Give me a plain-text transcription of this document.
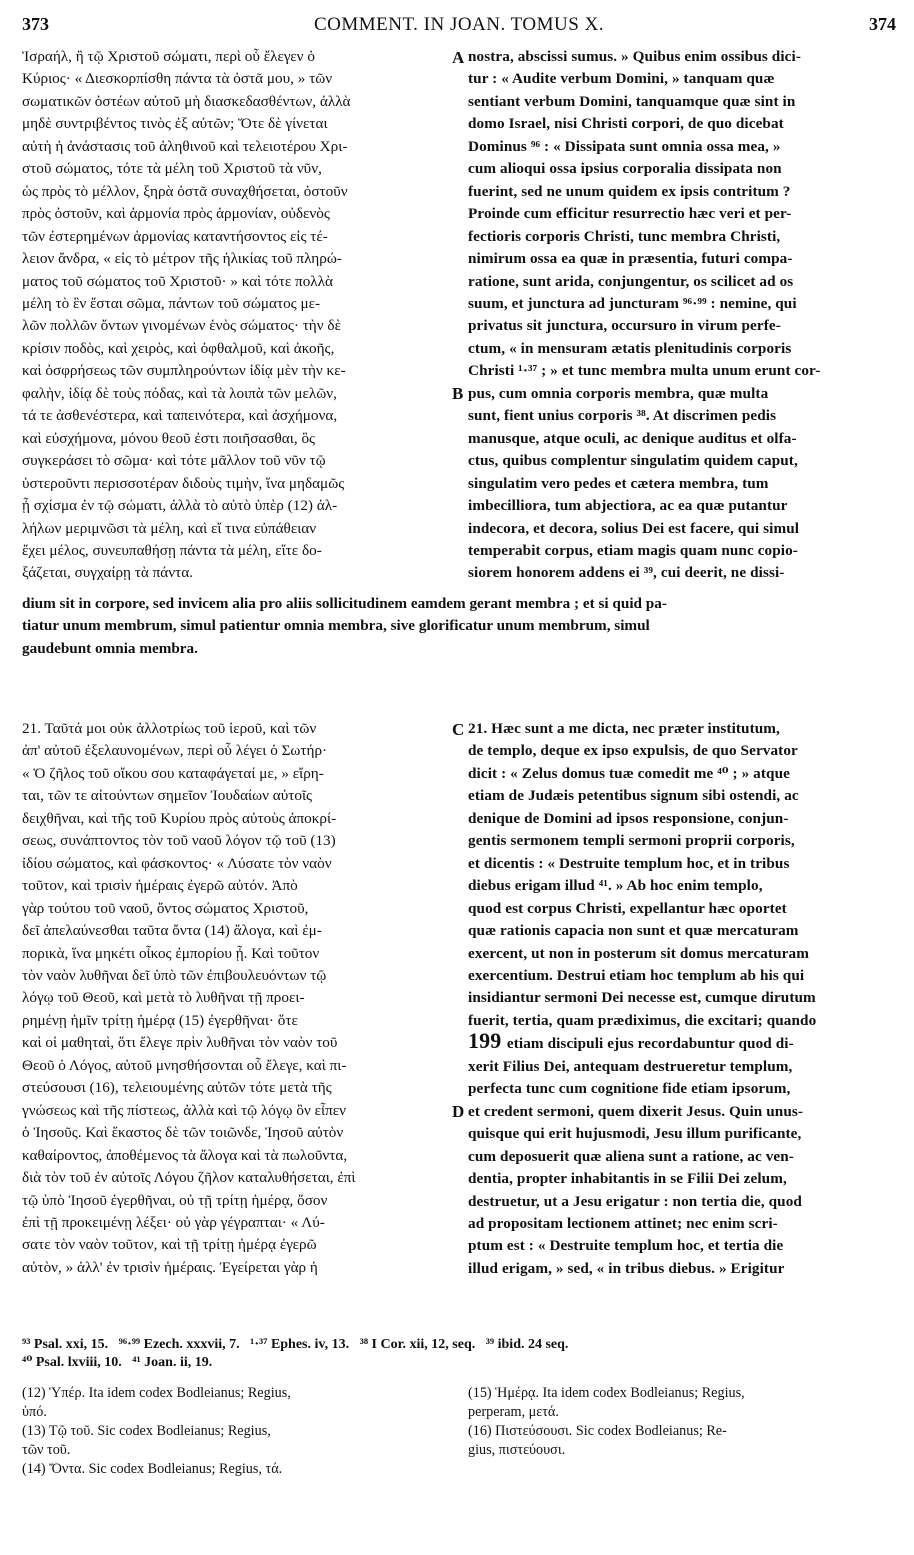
373	COMMENT. IN JOAN. TOMUS X.	374
Ἰσραήλ, ἢ τῷ Χριστοῦ σώματι, περὶ οὗ ἔλεγεν ὁ
Κύριος· « Διεσκορπίσθη πάντα τὰ ὀστᾶ μου, » τῶν
σωματικῶν ὀστέων αὐτοῦ μὴ διασκεδασθέντων, ἀλλὰ
μηδὲ συντριβέντος τινὸς ἐξ αὐτῶν; Ὅτε δὲ γίνεται
αὐτὴ ἡ ἀνάστασις τοῦ ἀληθινοῦ καὶ τελειοτέρου Χρι-
στοῦ σώματος, τότε τὰ μέλη τοῦ Χριστοῦ τὰ νῦν,
ὡς πρὸς τὸ μέλλον, ξηρὰ ὀστᾶ συναχθήσεται, ὀστοῦν
πρὸς ὀστοῦν, καὶ ἁρμονία πρὸς ἁρμονίαν, οὐδενὸς
τῶν ἐστερημένων ἁρμονίας καταντήσοντος εἰς τέ-
λειον ἄνδρα, « εἰς τὸ μέτρον τῆς ἡλικίας τοῦ πληρώ-
ματος τοῦ σώματος τοῦ Χριστοῦ· » καὶ τότε πολλὰ
μέλη τὸ ἓν ἔσται σῶμα, πάντων τοῦ σώματος με-
λῶν πολλῶν ὄντων γινομένων ἑνὸς σώματος· τὴν δὲ
κρίσιν ποδὸς, καὶ χειρὸς, καὶ ὀφθαλμοῦ, καὶ ἀκοῆς,
καὶ ὀσφρήσεως τῶν συμπληρούντων ἰδίᾳ μὲν τὴν κε-
φαλὴν, ἰδίᾳ δὲ τοὺς πόδας, καὶ τὰ λοιπὰ τῶν μελῶν,
τά τε ἀσθενέστερα, καὶ ταπεινότερα, καὶ ἀσχήμονα,
καὶ εὐσχήμονα, μόνου θεοῦ ἐστι ποιῆσασθαι, ὃς
συγκεράσει τὸ σῶμα· καὶ τότε μᾶλλον τοῦ νῦν τῷ
ὑστεροῦντι περισσοτέραν διδοὺς τιμὴν, ἵνα μηδαμῶς
ᾖ σχίσμα ἐν τῷ σώματι, ἀλλὰ τὸ αὐτὸ ὑπὲρ (12) ἀλ-
λήλων μεριμνῶσι τὰ μέλη, καὶ εἴ τινα εὐπάθειαν
ἔχει μέλος, συνευπαθήσῃ πάντα τὰ μέλη, εἴτε δο-
ξάζεται, συγχαίρῃ τὰ πάντα.
nostra, abscissi sumus. » Quibus enim ossibus dici-
tur : « Audite verbum Domini, » tanquam quæ
sentiant verbum Domini, tanquamque quæ sint in
domo Israel, nisi Christi corpori, de quo dicebat
Dominus ⁹⁶ : « Dissipata sunt omnia ossa mea, »
cum alioqui ossa ipsius corporalia dissipata non
fuerint, sed ne unum quidem ex ipsis contritum ?
Proinde cum efficitur resurrectio hæc veri et per-
fectioris corporis Christi, tunc membra Christi,
nimirum ossa ea quæ in præsentia, futuri compa-
ratione, sunt arida, conjungentur, os scilicet ad os
suum, et junctura ad juncturam ⁹⁶·⁹⁹ : nemine, qui
privatus sit junctura, occursuro in virum perfe-
ctum, « in mensuram ætatis plenitudinis corporis
Christi ¹·³⁷ ; » et tunc membra multa unum erunt cor-
pus, cum omnia corporis membra, quæ multa
sunt, fient unius corporis ³⁸. At discrimen pedis
manusque, atque oculi, ac denique auditus et olfa-
ctus, quibus complentur singulatim quidem caput,
singulatim vero pedes et cætera membra, tum
imbecilliora, tum abjectiora, ac ea quæ putantur
indecora, et decora, solius Dei est facere, qui simul
temperabit corpus, etiam magis quam nunc copio-
siorem honorem addens ei ³⁹, cui deerit, ne dissi-
dium sit in corpore, sed invicem alia pro aliis sollicitudinem eamdem gerant membra ; et si quid pa-
tiatur unum membrum, simul patientur omnia membra, sive glorificatur unum membrum, simul
gaudebunt omnia membra.
A
B
C
D
21. Ταῦτά μοι οὐκ ἀλλοτρίως τοῦ ἱεροῦ, καὶ τῶν
ἀπ' αὐτοῦ ἐξελαυνομένων, περὶ οὗ λέγει ὁ Σωτήρ·
« Ὁ ζῆλος τοῦ οἴκου σου καταφάγεταί με, » εἴρη-
ται, τῶν τε αἰτούντων σημεῖον Ἰουδαίων αὐτοῖς
δειχθῆναι, καὶ τῆς τοῦ Κυρίου πρὸς αὐτοὺς ἀποκρί-
σεως, συνάπτοντος τὸν τοῦ ναοῦ λόγον τῷ τοῦ (13)
ἰδίου σώματος, καὶ φάσκοντος· « Λύσατε τὸν ναὸν
τοῦτον, καὶ τρισὶν ἡμέραις ἐγερῶ αὐτόν. Ἀπὸ
γὰρ τούτου τοῦ ναοῦ, ὄντος σώματος Χριστοῦ,
δεῖ ἀπελαύνεσθαι ταῦτα ὄντα (14) ἄλογα, καὶ ἐμ-
πορικὰ, ἵνα μηκέτι οἶκος ἐμπορίου ᾖ. Καὶ τοῦτον
τὸν ναὸν λυθῆναι δεῖ ὑπὸ τῶν ἐπιβουλευόντων τῷ
λόγῳ τοῦ Θεοῦ, καὶ μετὰ τὸ λυθῆναι τῇ προει-
ρημένῃ ἡμῖν τρίτῃ ἡμέρᾳ (15) ἐγερθῆναι· ὅτε
καὶ οἱ μαθηταὶ, ὅτι ἔλεγε πρὶν λυθῆναι τὸν ναὸν τοῦ
Θεοῦ ὁ Λόγος, αὐτοῦ μνησθήσονται οὗ ἔλεγε, καὶ πι-
στεύσουσι (16), τελειουμένης αὐτῶν τότε μετὰ τῆς
γνώσεως καὶ τῆς πίστεως, ἀλλὰ καὶ τῷ λόγῳ ὃν εἶπεν
ὁ Ἰησοῦς. Καὶ ἕκαστος δὲ τῶν τοιῶνδε, Ἰησοῦ αὐτὸν
καθαίροντος, ἀποθέμενος τὰ ἄλογα καὶ τὰ πωλοῦντα,
διὰ τὸν τοῦ ἐν αὐτοῖς Λόγου ζῆλον καταλυθήσεται, ἐπὶ
τῷ ὑπὸ Ἰησοῦ ἐγερθῆναι, οὐ τῇ τρίτῃ ἡμέρᾳ, ὅσον
ἐπὶ τῇ προκειμένῃ λέξει· οὐ γὰρ γέγραπται· « Λύ-
σατε τὸν ναὸν τοῦτον, καὶ τῇ τρίτῃ ἡμέρᾳ ἐγερῶ
αὐτὸν, » ἀλλ' ἐν τρισὶν ἡμέραις. Ἐγείρεται γὰρ ἡ
21. Hæc sunt a me dicta, nec præter institutum,
de templo, deque ex ipso expulsis, de quo Servator
dicit : « Zelus domus tuæ comedit me ⁴⁰ ; » atque
etiam de Judæis petentibus signum sibi ostendi, ac
denique de Domini ad ipsos responsione, conjun-
gentis sermonem templi sermoni proprii corporis,
et dicentis : « Destruite templum hoc, et in tribus
diebus erigam illud ⁴¹. » Ab hoc enim templo,
quod est corpus Christi, expellantur hæc oportet
quæ rationis capacia non sunt et quæ mercaturam
exercent, ut non in posterum sit domus mercaturam
exercentium. Destrui etiam hoc templum ab his qui
insidiantur sermoni Dei necesse est, cumque dirutum
fuerit, tertia, quam prædiximus, die excitari; quando
199 etiam discipuli ejus recordabuntur quod di-
xerit Filius Dei, antequam destrueretur templum,
perfecta tunc cum cognitione fide etiam ipsorum,
et credent sermoni, quem dixerit Jesus. Quin unus-
quisque qui erit hujusmodi, Jesu illum purificante,
cum deposuerit quæ aliena sunt a ratione, ac ven-
dentia, propter inhabitantis in se Filii Dei zelum,
destruetur, ut a Jesu erigatur : non tertia die, quod
ad propositam lectionem attinet; nec enim scri-
ptum est : « Destruite templum hoc, et tertia die
illud erigam, » sed, « in tribus diebus. » Erigitur
⁹³ Psal. xxi, 15.   ⁹⁶·⁹⁹ Ezech. xxxvii, 7.   ¹·³⁷ Ephes. iv, 13.   ³⁸ I Cor. xii, 12, seq.   ³⁹ ibid. 24 seq.
⁴⁰ Psal. lxviii, 10.   ⁴¹ Joan. ii, 19.
(12) Ὑπέρ. Ita idem codex Bodleianus; Regius,
ὑπό.
(13) Τῷ τοῦ. Sic codex Bodleianus; Regius,
τῶν τοῦ.
(14) Ὄντα. Sic codex Bodleianus; Regius, τά.
(15) Ἡμέρᾳ. Ita idem codex Bodleianus; Regius,
perperam, μετά.
(16) Πιστεύσουσι. Sic codex Bodleianus; Re-
gius, πιστεύουσι.
